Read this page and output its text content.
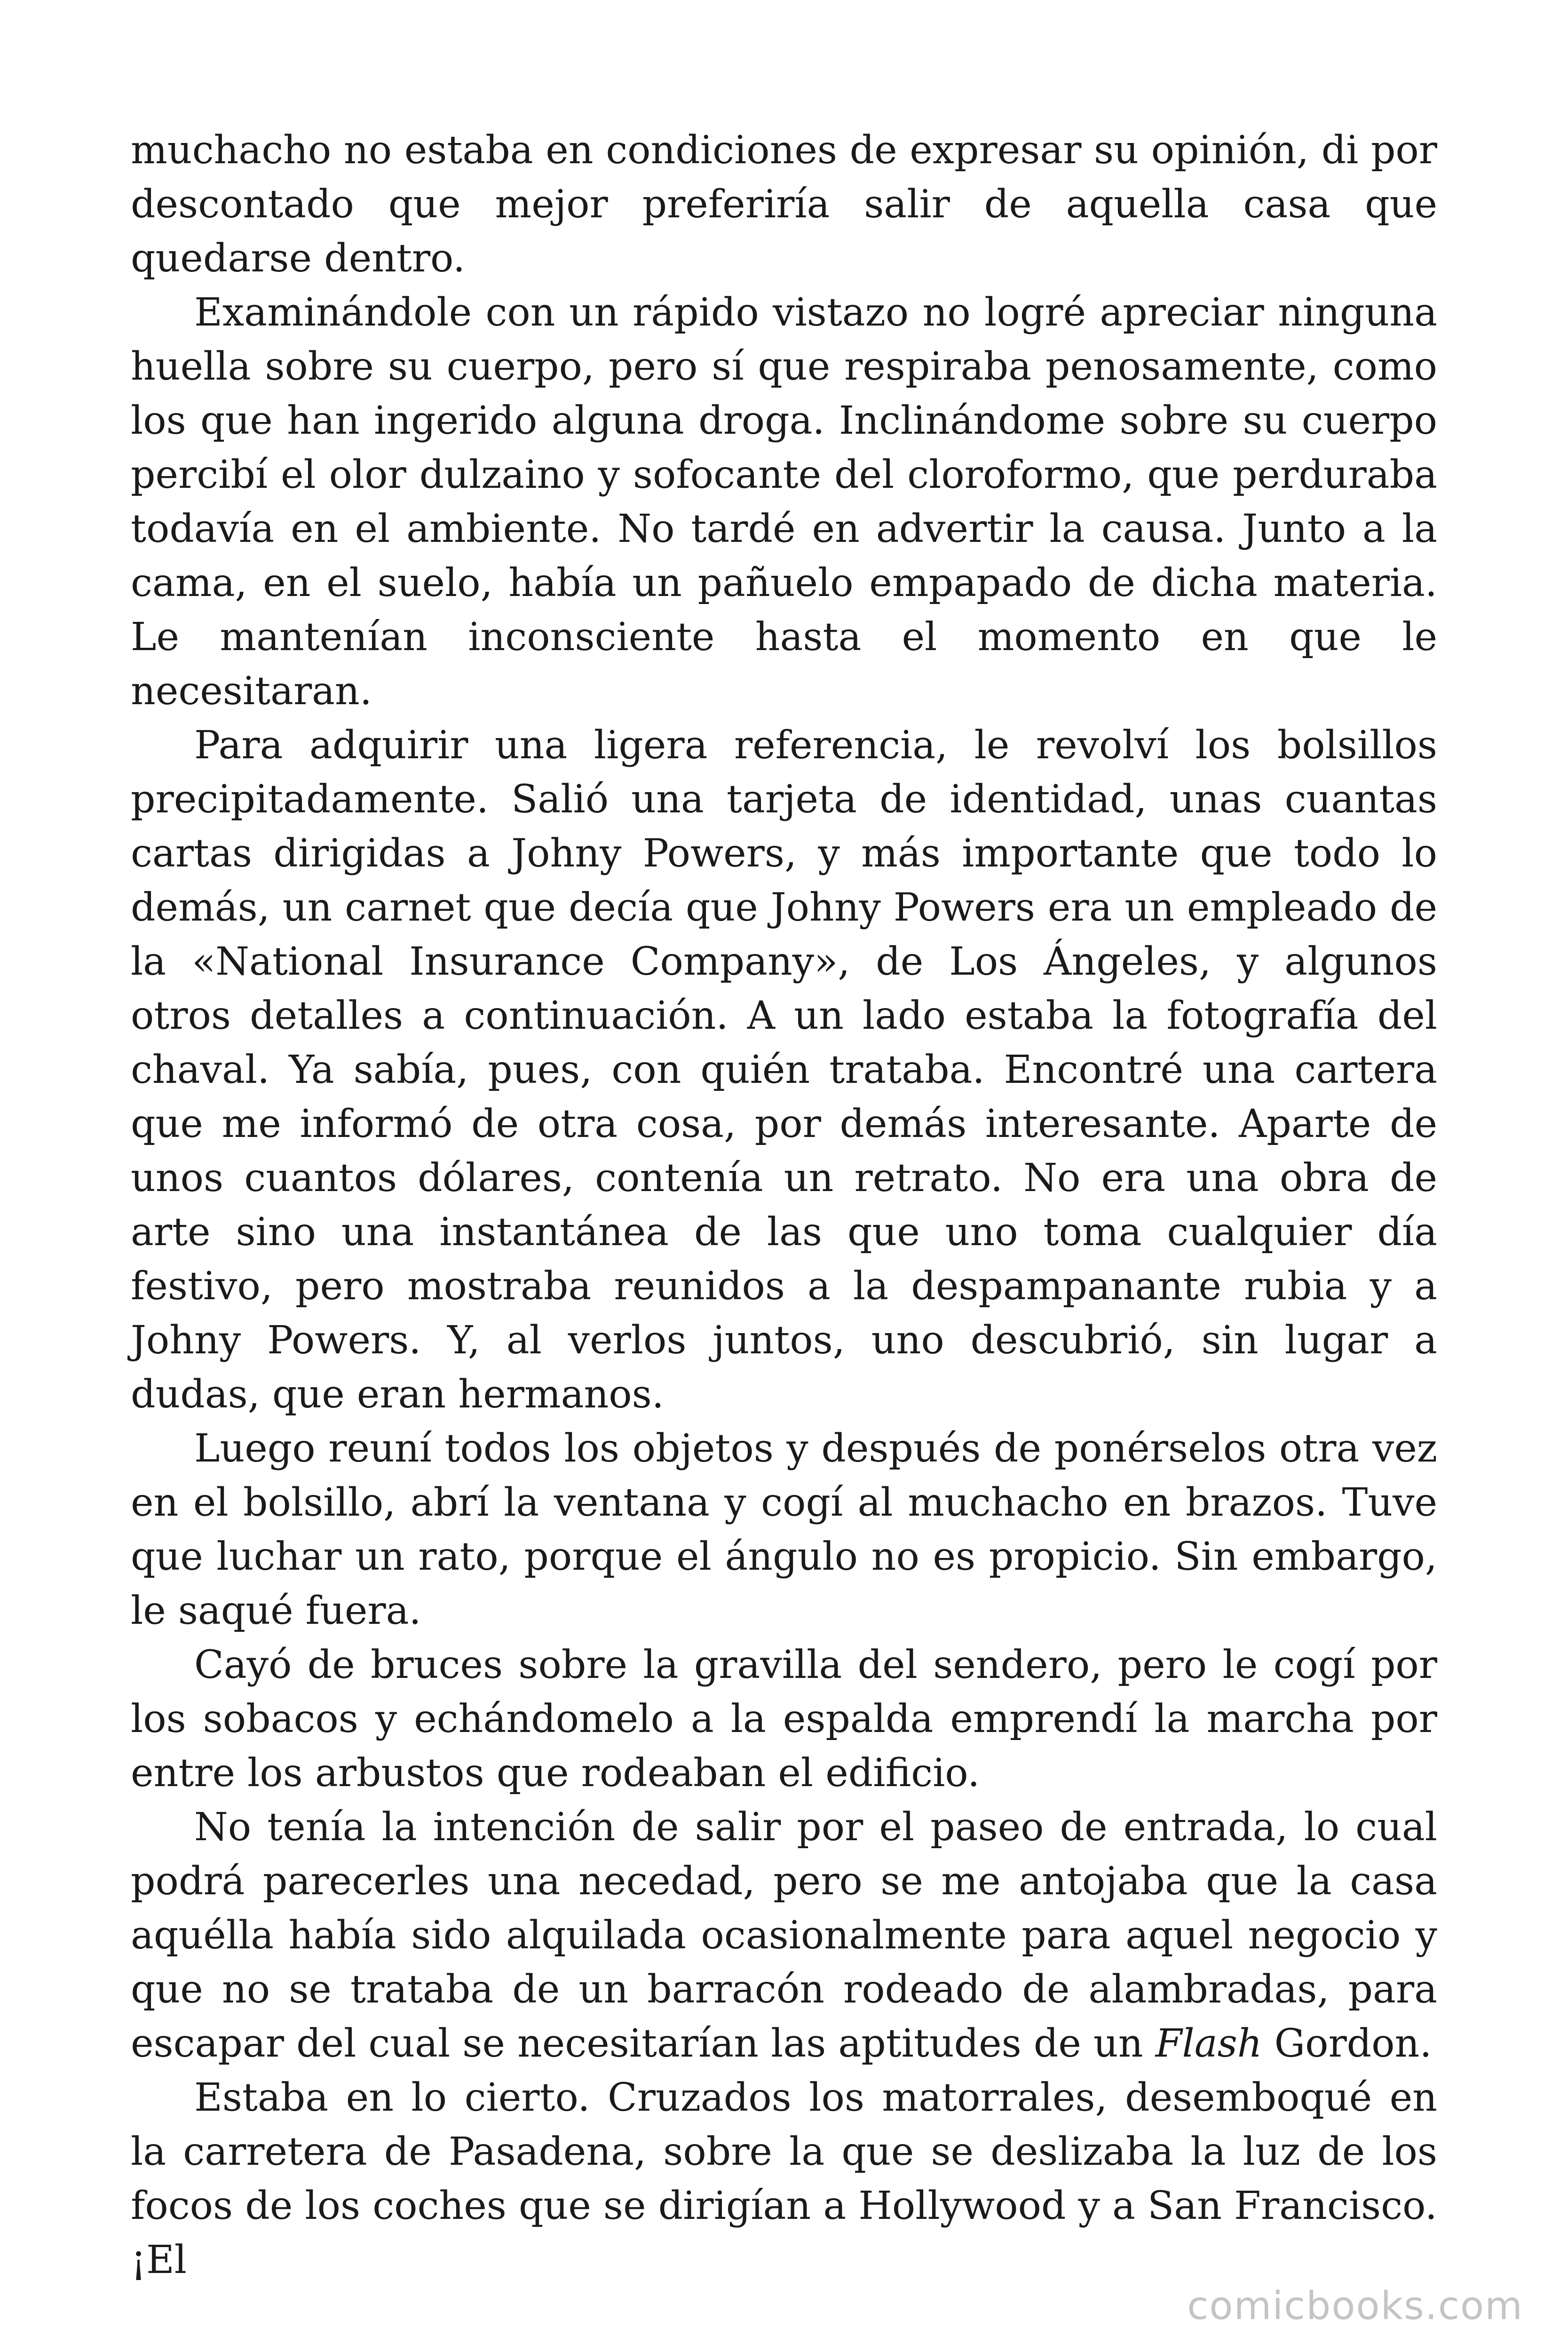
muchacho no estaba en condiciones de expresar su opinión, di por descontado que mejor preferiría salir de aquella casa que quedarse dentro.

Examinándole con un rápido vistazo no logré apreciar ninguna huella sobre su cuerpo, pero sí que respiraba penosamente, como los que han ingerido alguna droga. Inclinándome sobre su cuerpo percibí el olor dulzaino y sofocante del cloroformo, que perduraba todavía en el ambiente. No tardé en advertir la causa. Junto a la cama, en el suelo, había un pañuelo empapado de dicha materia. Le mantenían inconsciente hasta el momento en que le necesitaran.

Para adquirir una ligera referencia, le revolví los bolsillos precipitadamente. Salió una tarjeta de identidad, unas cuantas cartas dirigidas a Johny Powers, y más importante que todo lo demás, un carnet que decía que Johny Powers era un empleado de la «National Insurance Company», de Los Ángeles, y algunos otros detalles a continuación. A un lado estaba la fotografía del chaval. Ya sabía, pues, con quién trataba. Encontré una cartera que me informó de otra cosa, por demás interesante. Aparte de unos cuantos dólares, contenía un retrato. No era una obra de arte sino una instantánea de las que uno toma cualquier día festivo, pero mostraba reunidos a la despampanante rubia y a Johny Powers. Y, al verlos juntos, uno descubrió, sin lugar a dudas, que eran hermanos.

Luego reuní todos los objetos y después de ponérselos otra vez en el bolsillo, abrí la ventana y cogí al muchacho en brazos. Tuve que luchar un rato, porque el ángulo no es propicio. Sin embargo, le saqué fuera.

Cayó de bruces sobre la gravilla del sendero, pero le cogí por los sobacos y echándomelo a la espalda emprendí la marcha por entre los arbustos que rodeaban el edificio.

No tenía la intención de salir por el paseo de entrada, lo cual podrá parecerles una necedad, pero se me antojaba que la casa aquélla había sido alquilada ocasionalmente para aquel negocio y que no se trataba de un barracón rodeado de alambradas, para escapar del cual se necesitarían las aptitudes de un Flash Gordon.

Estaba en lo cierto. Cruzados los matorrales, desemboqué en la carretera de Pasadena, sobre la que se deslizaba la luz de los focos de los coches que se dirigían a Hollywood y a San Francisco. ¡El

comicbooks.com
